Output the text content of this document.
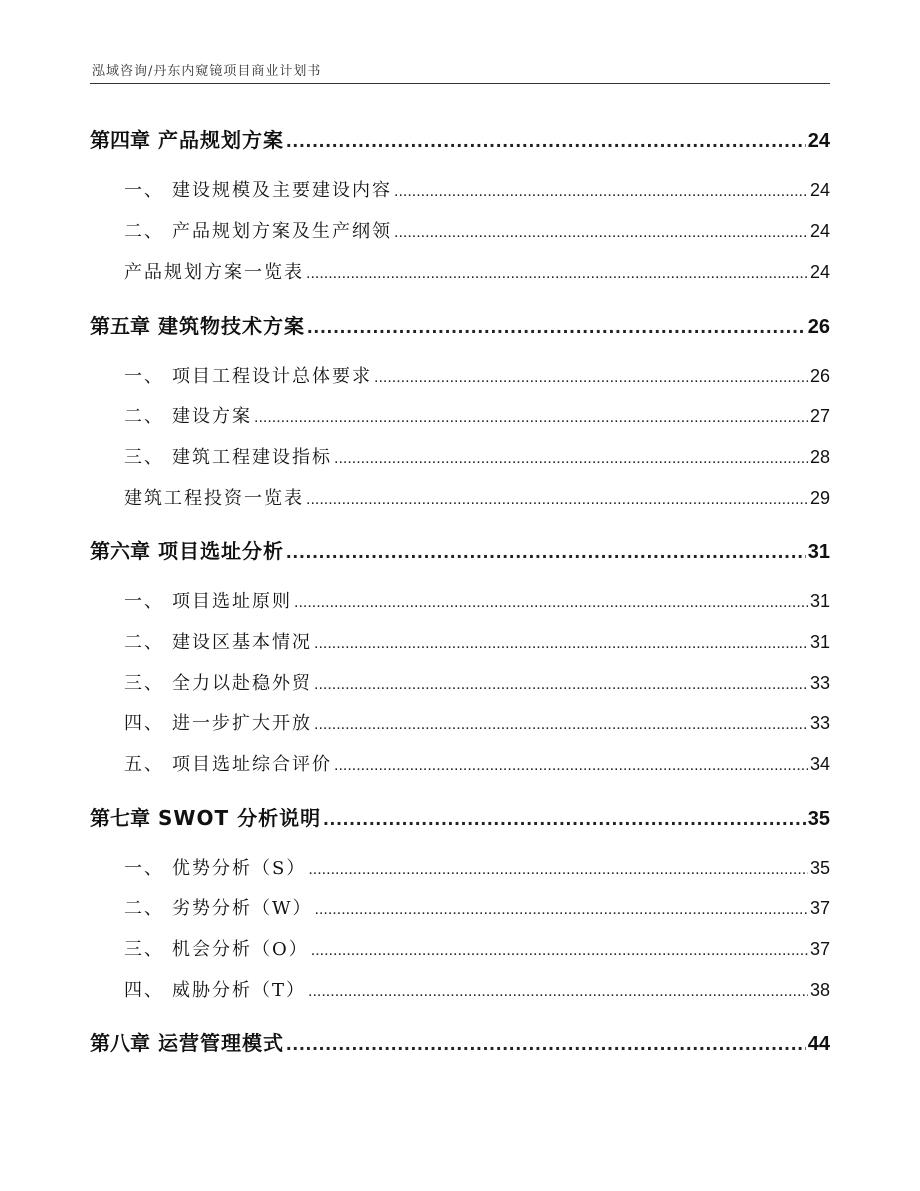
泓域咨询/丹东内窥镜项目商业计划书
第四章 产品规划方案 .....	24
一、 建设规模及主要建设内容 .....	24
二、 产品规划方案及生产纲领 .....	24
产品规划方案一览表 .....	24
第五章 建筑物技术方案 .....	26
一、 项目工程设计总体要求 .....	26
二、 建设方案 .....	27
三、 建筑工程建设指标 .....	28
建筑工程投资一览表 .....	29
第六章 项目选址分析 .....	31
一、 项目选址原则 .....	31
二、 建设区基本情况 .....	31
三、 全力以赴稳外贸 .....	33
四、 进一步扩大开放 .....	33
五、 项目选址综合评价 .....	34
第七章 SWOT 分析说明 .....	35
一、 优势分析（S） .....	35
二、 劣势分析（W） .....	37
三、 机会分析（O） .....	37
四、 威胁分析（T） .....	38
第八章 运营管理模式 .....	44
